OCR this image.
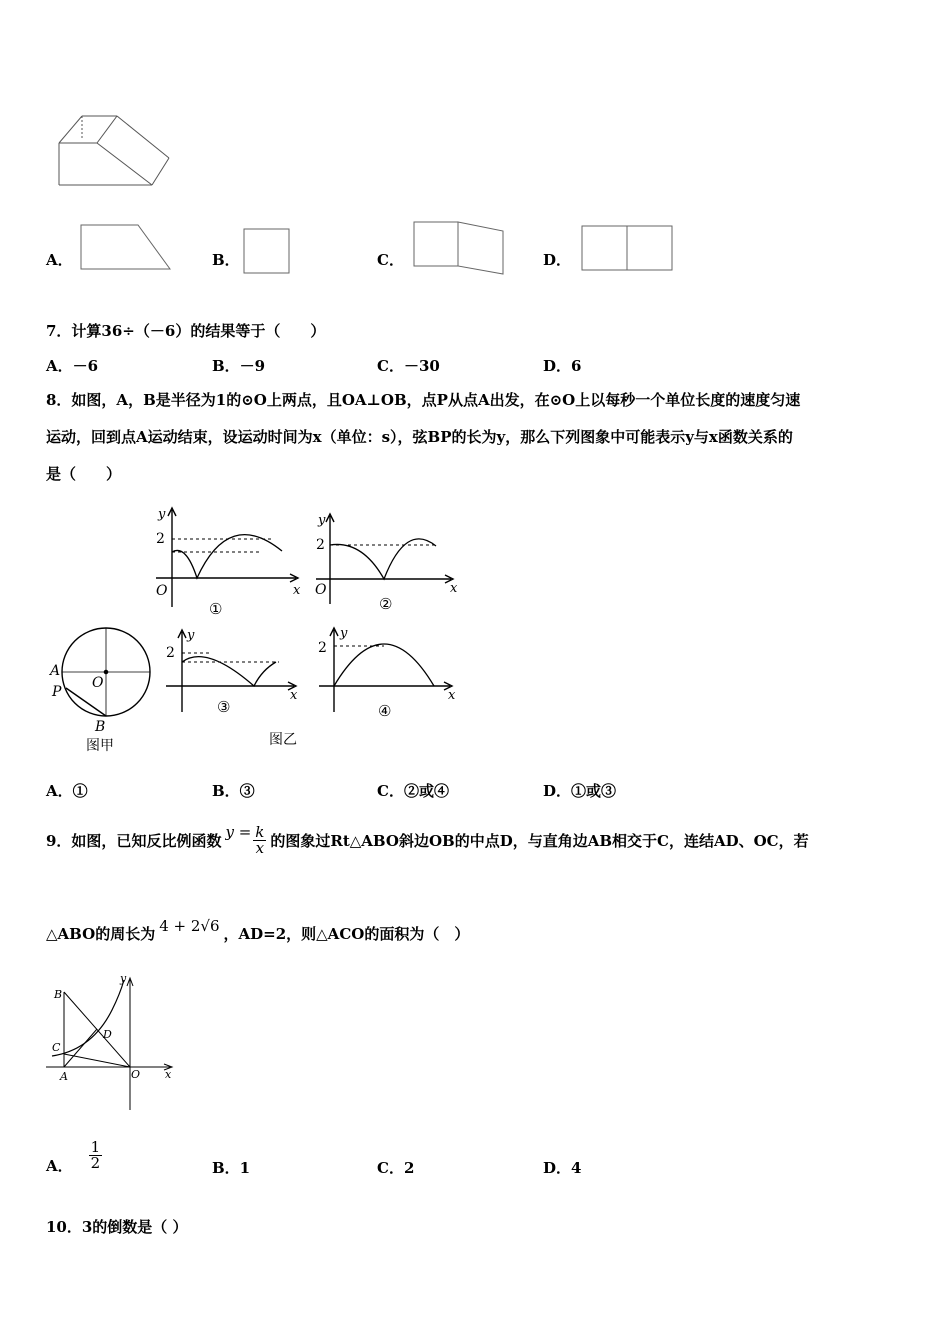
A．	B．	C．	D．
7．计算36÷（－6）的结果等于（　　）
A．－6	B．－9	C．－30	D．6
8．如图，A，B是半径为1的⊙O上两点，且OA⊥OB，点P从点A出发，在⊙O上以每秒一个单位长度的速度匀速
运动，回到点A运动结束，设运动时间为x（单位：s），弦BP的长为y，那么下列图象中可能表示y与x函数关系的
是（　　）
y
2
O	x
①
y
2
O	x
②
A
P
O
B
图甲
y
2
x
③
图乙
y
2
x
④
A．①	B．③	C．②或④	D．①或③
9．如图，已知反比例函数 $y = \frac{k}{x}$ 的图象过Rt△ABO斜边OB的中点D，与直角边AB相交于C，连结AD、OC，若
△ABO的周长为 4 + 2√6 ，AD=2，则△ACO的面积为（　）
B
C
D
A	O x
y
A． $\frac{1}{2}$	B．1	C．2	D．4
10．3的倒数是（ ）
